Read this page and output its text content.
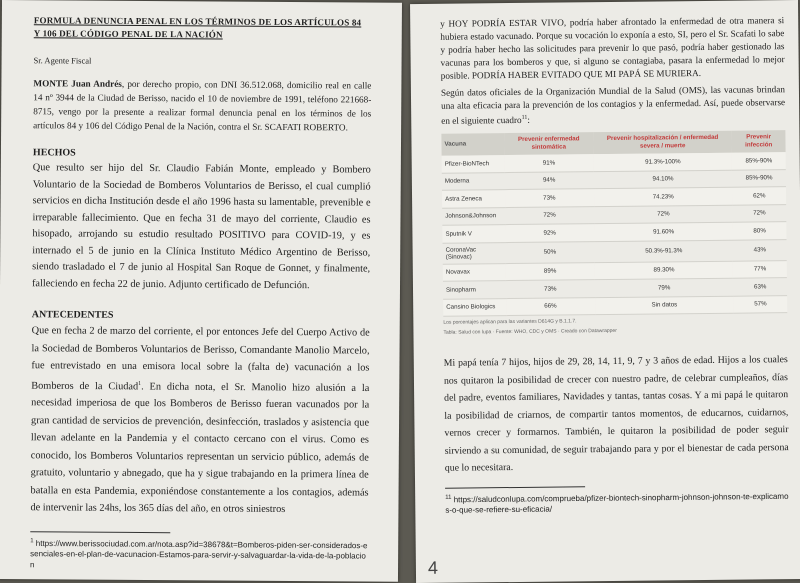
FORMULA DENUNCIA PENAL EN LOS TÉRMINOS DE LOS ARTÍCULOS 84

Y 106 DEL CÓDIGO PENAL DE LA NACIÓN

Sr. Agente Fiscal

MONTE Juan Andrés, por derecho propio, con DNI 36.512.068, domicilio real en calle 14 nº 3944 de la Ciudad de Berisso, nacido el 10 de noviembre de 1991, teléfono 221668-8715, vengo por la presente a realizar formal denuncia penal en los términos de los artículos 84 y 106 del Código Penal de la Nación, contra el Sr. SCAFATI ROBERTO.

HECHOS

Que resulto ser hijo del Sr. Claudio Fabián Monte, empleado y Bombero Voluntario de la Sociedad de Bomberos Voluntarios de Berisso, el cual cumplió servicios en dicha Institución desde el año 1996 hasta su lamentable, prevenible e irreparable fallecimiento. Que en fecha 31 de mayo del corriente, Claudio es hisopado, arrojando su estudio resultado POSITIVO para COVID-19, y es internado el 5 de junio en la Clínica Instituto Médico Argentino de Berisso, siendo trasladado el 7 de junio al Hospital San Roque de Gonnet, y finalmente, falleciendo en fecha 22 de junio. Adjunto certificado de Defunción.

ANTECEDENTES

Que en fecha 2 de marzo del corriente, el por entonces Jefe del Cuerpo Activo de la Sociedad de Bomberos Voluntarios de Berisso, Comandante Manolio Marcelo, fue entrevistado en una emisora local sobre la (falta de) vacunación a los Bomberos de la Ciudad$^1$. En dicha nota, el Sr. Manolio hizo alusión a la necesidad imperiosa de que los Bomberos de Berisso fueran vacunados por la gran cantidad de servicios de prevención, desinfección, traslados y asistencia que llevan adelante en la Pandemia y el contacto cercano con el virus. Como es conocido, los Bomberos Voluntarios representan un servicio público, además de gratuito, voluntario y abnegado, que ha y sigue trabajando en la primera línea de batalla en esta Pandemia, exponiéndose constantemente a los contagios, además de intervenir las 24hs, los 365 días del año, en otros siniestros

$^1$ https://www.berissociudad.com.ar/nota.asp?id=38678&t=Bomberos-piden-ser-considerados-esenciales-en-el-plan-de-vacunacion-Estamos-para-servir-y-salvaguardar-la-vida-de-la-poblacion

y HOY PODRÍA ESTAR VIVO, podría haber afrontado la enfermedad de otra manera si hubiera estado vacunado. Porque su vocación lo exponía a esto, SI, pero el Sr. Scafati lo sabe y podría haber hecho las solicitudes para prevenir lo que pasó, podría haber gestionado las vacunas para los bomberos y que, si alguno se contagiaba, pasara la enfermedad lo mejor posible. PODRÍA HABER EVITADO QUE MI PAPÁ SE MURIERA.

Según datos oficiales de la Organización Mundial de la Salud (OMS), las vacunas brindan una alta eficacia para la prevención de los contagios y la enfermedad. Así, puede observarse en el siguiente cuadro$^{11}$:

Vacuna	Prevenir enfermedad sintomática	Prevenir hospitalización / enfermedad severa / muerte	Prevenir infección
Pfizer-BioNTech	91%	91.3%-100%	85%-90%
Moderna	94%	94.10%	85%-90%
Astra Zeneca	73%	74.23%	62%
Johnson&Johnson	72%	72%	72%
Sputnik V	92%	91.60%	80%
CoronaVac (Sinovac)	50%	50.3%-91.3%	43%
Novavax	89%	89.30%	77%
Sinopharm	73%	79%	63%
Cansino Biologics	66%	Sin datos	57%

Los porcentajes aplican para las variantes D614G y B.1.1.7.

Tabla: Salud con lupa · Fuente: WHO, CDC y OMS · Creado con Datawrapper

Mi papá tenía 7 hijos, hijos de 29, 28, 14, 11, 9, 7 y 3 años de edad. Hijos a los cuales nos quitaron la posibilidad de crecer con nuestro padre, de celebrar cumpleaños, días del padre, eventos familiares, Navidades y tantas, tantas cosas. Y a mi papá le quitaron la posibilidad de criarnos, de compartir tantos momentos, de educarnos, cuidarnos, vernos crecer y formarnos. También, le quitaron la posibilidad de poder seguir sirviendo a su comunidad, de seguir trabajando para y por el bienestar de cada persona que lo necesitara.

$^{11}$ https://saludconlupa.com/comprueba/pfizer-biontech-sinopharm-johnson-johnson-te-explicamos-o-que-se-refiere-su-eficacia/

4
